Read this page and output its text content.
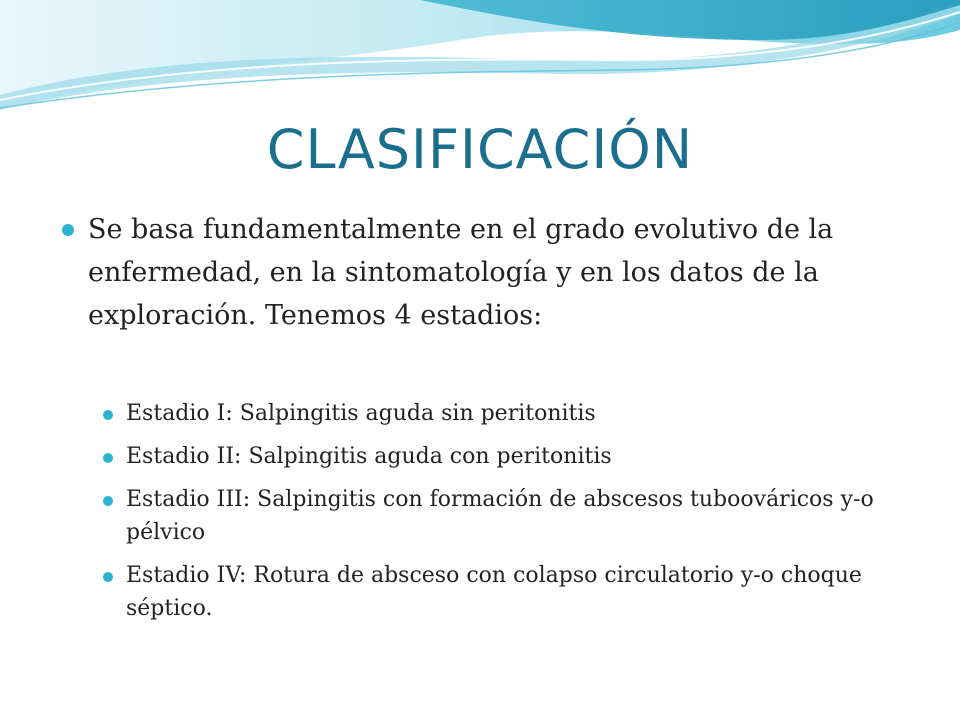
CLASIFICACIÓN
Se basa fundamentalmente en el grado evolutivo de la enfermedad, en la sintomatología y en los datos de la exploración. Tenemos 4 estadios:
Estadio I: Salpingitis aguda sin peritonitis
Estadio II: Salpingitis aguda con peritonitis
Estadio III: Salpingitis con formación de abscesos tuboováricos y-o pélvico
Estadio IV: Rotura de absceso con colapso circulatorio y-o choque séptico.
